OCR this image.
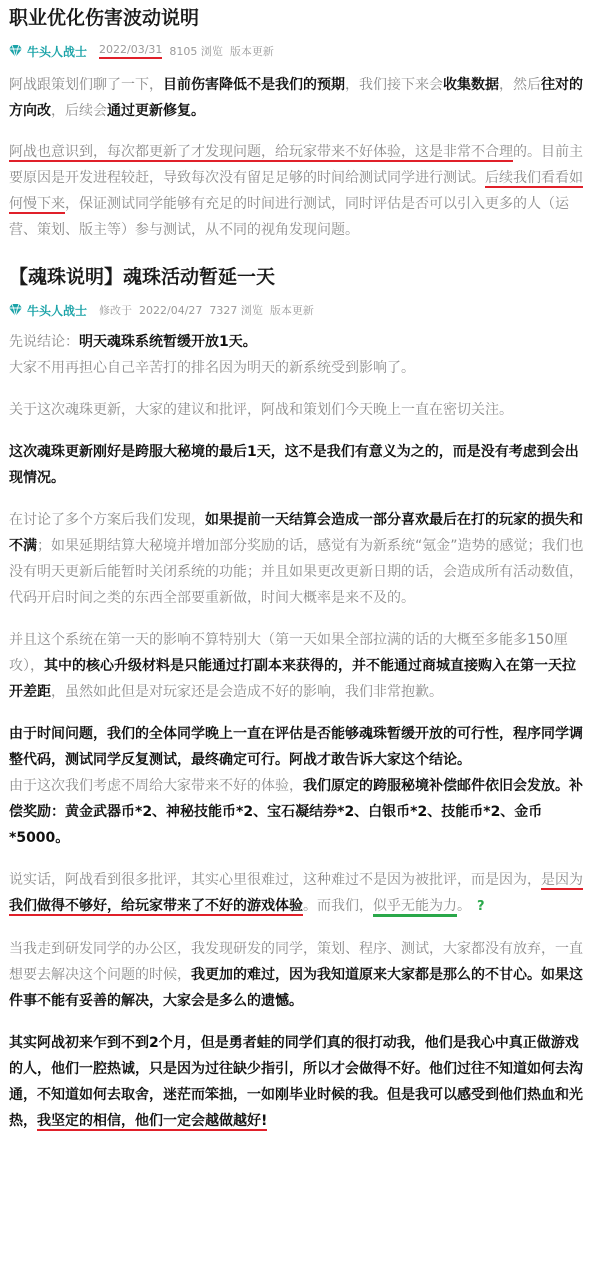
职业优化伤害波动说明
牛头人战士 2022/03/31 8105 浏览 版本更新

阿战跟策划们聊了一下，目前伤害降低不是我们的预期，我们接下来会收集数据，然后往对的方向改，后续会通过更新修复。

阿战也意识到，每次都更新了才发现问题，给玩家带来不好体验，这是非常不合理的。目前主要原因是开发进程较赶，导致每次没有留足足够的时间给测试同学进行测试。后续我们看看如何慢下来，保证测试同学能够有充足的时间进行测试，同时评估是否可以引入更多的人（运营、策划、版主等）参与测试，从不同的视角发现问题。

【魂珠说明】魂珠活动暂延一天
牛头人战士 修改于 2022/04/27 7327 浏览 版本更新

先说结论：明天魂珠系统暂缓开放1天。
大家不用再担心自己辛苦打的排名因为明天的新系统受到影响了。

关于这次魂珠更新，大家的建议和批评，阿战和策划们今天晚上一直在密切关注。

这次魂珠更新刚好是跨服大秘境的最后1天，这不是我们有意义为之的，而是没有考虑到会出现情况。

在讨论了多个方案后我们发现，如果提前一天结算会造成一部分喜欢最后在打的玩家的损失和不满；如果延期结算大秘境并增加部分奖励的话，感觉有为新系统“氪金”造势的感觉；我们也没有明天更新后能暂时关闭系统的功能；并且如果更改更新日期的话，会造成所有活动数值，代码开启时间之类的东西全部要重新做，时间大概率是来不及的。

并且这个系统在第一天的影响不算特别大（第一天如果全部拉满的话的大概至多能多150厘攻），其中的核心升级材料是只能通过打副本来获得的，并不能通过商城直接购入在第一天拉开差距，虽然如此但是对玩家还是会造成不好的影响，我们非常抱歉。

由于时间问题，我们的全体同学晚上一直在评估是否能够魂珠暂缓开放的可行性，程序同学调整代码，测试同学反复测试，最终确定可行。阿战才敢告诉大家这个结论。

由于这次我们考虑不周给大家带来不好的体验，我们原定的跨服秘境补偿邮件依旧会发放。补偿奖励：黄金武器币*2、神秘技能币*2、宝石凝结券*2、白银币*2、技能币*2、金币*5000。

说实话，阿战看到很多批评，其实心里很难过，这种难过不是因为被批评，而是因为，是因为我们做得不够好，给玩家带来了不好的游戏体验。而我们，似乎无能为力。 ?

当我走到研发同学的办公区，我发现研发的同学，策划、程序、测试，大家都没有放弃，一直想要去解决这个问题的时候，我更加的难过，因为我知道原来大家都是那么的不甘心。如果这件事不能有妥善的解决，大家会是多么的遗憾。

其实阿战初来乍到不到2个月，但是勇者蛙的同学们真的很打动我，他们是我心中真正做游戏的人，他们一腔热诚，只是因为过往缺少指引，所以才会做得不好。他们过往不知道如何去沟通，不知道如何去取舍，迷茫而笨拙，一如刚毕业时候的我。但是我可以感受到他们热血和光热，我坚定的相信，他们一定会越做越好!
